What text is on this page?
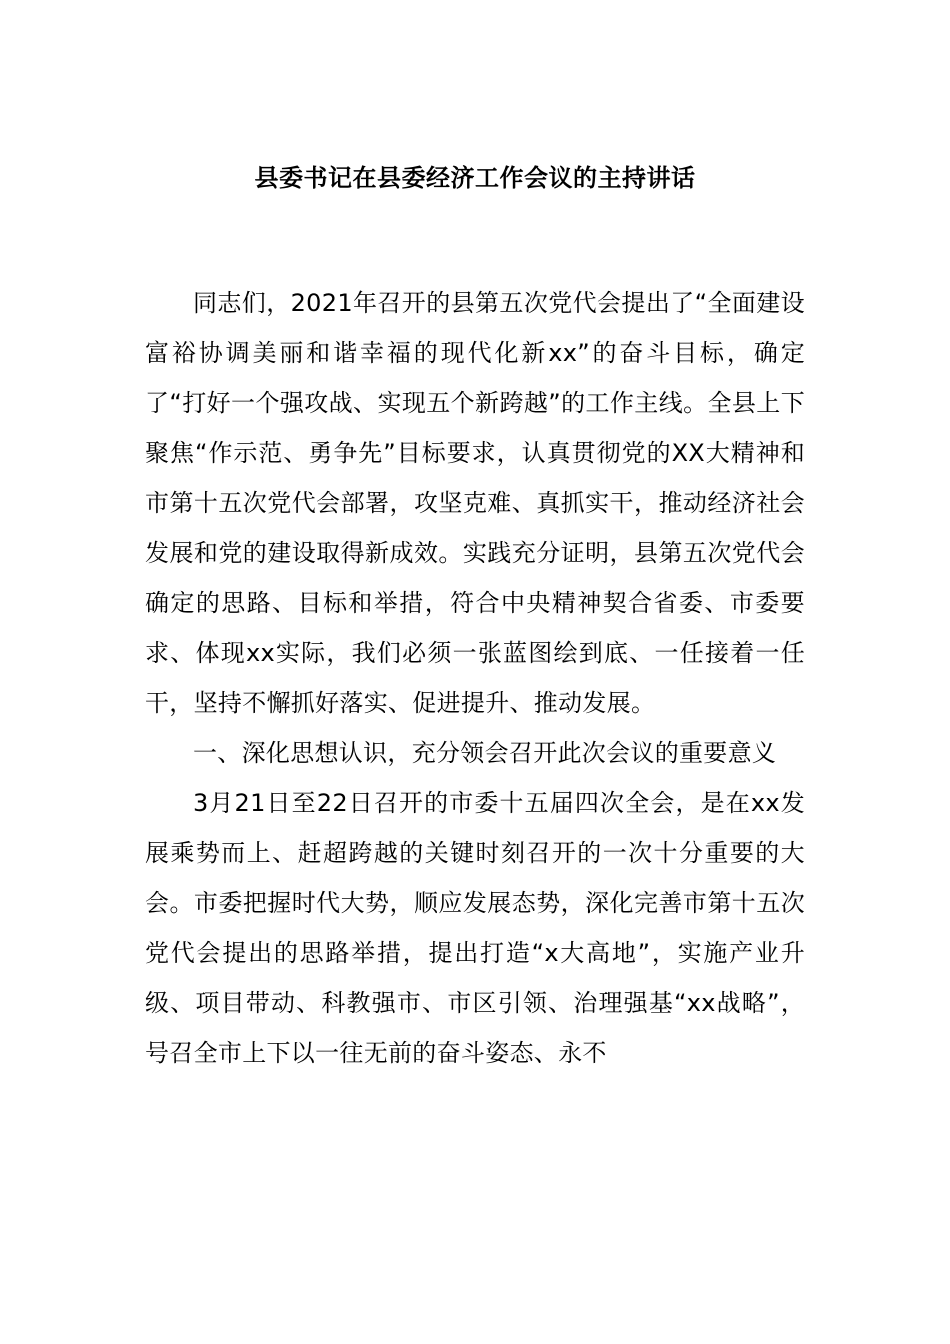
县委书记在县委经济工作会议的主持讲话

同志们，2021年召开的县第五次党代会提出了“全面建设富裕协调美丽和谐幸福的现代化新xx”的奋斗目标，确定了“打好一个强攻战、实现五个新跨越”的工作主线。全县上下聚焦“作示范、勇争先”目标要求，认真贯彻党的XX大精神和市第十五次党代会部署，攻坚克难、真抓实干，推动经济社会发展和党的建设取得新成效。实践充分证明，县第五次党代会确定的思路、目标和举措，符合中央精神契合省委、市委要求、体现xx实际，我们必须一张蓝图绘到底、一任接着一任干，坚持不懈抓好落实、促进提升、推动发展。

一、深化思想认识，充分领会召开此次会议的重要意义

3月21日至22日召开的市委十五届四次全会，是在xx发展乘势而上、赶超跨越的关键时刻召开的一次十分重要的大会。市委把握时代大势，顺应发展态势，深化完善市第十五次党代会提出的思路举措，提出打造“x大高地”，实施产业升级、项目带动、科教强市、市区引领、治理强基“xx战略”，号召全市上下以一往无前的奋斗姿态、永不
